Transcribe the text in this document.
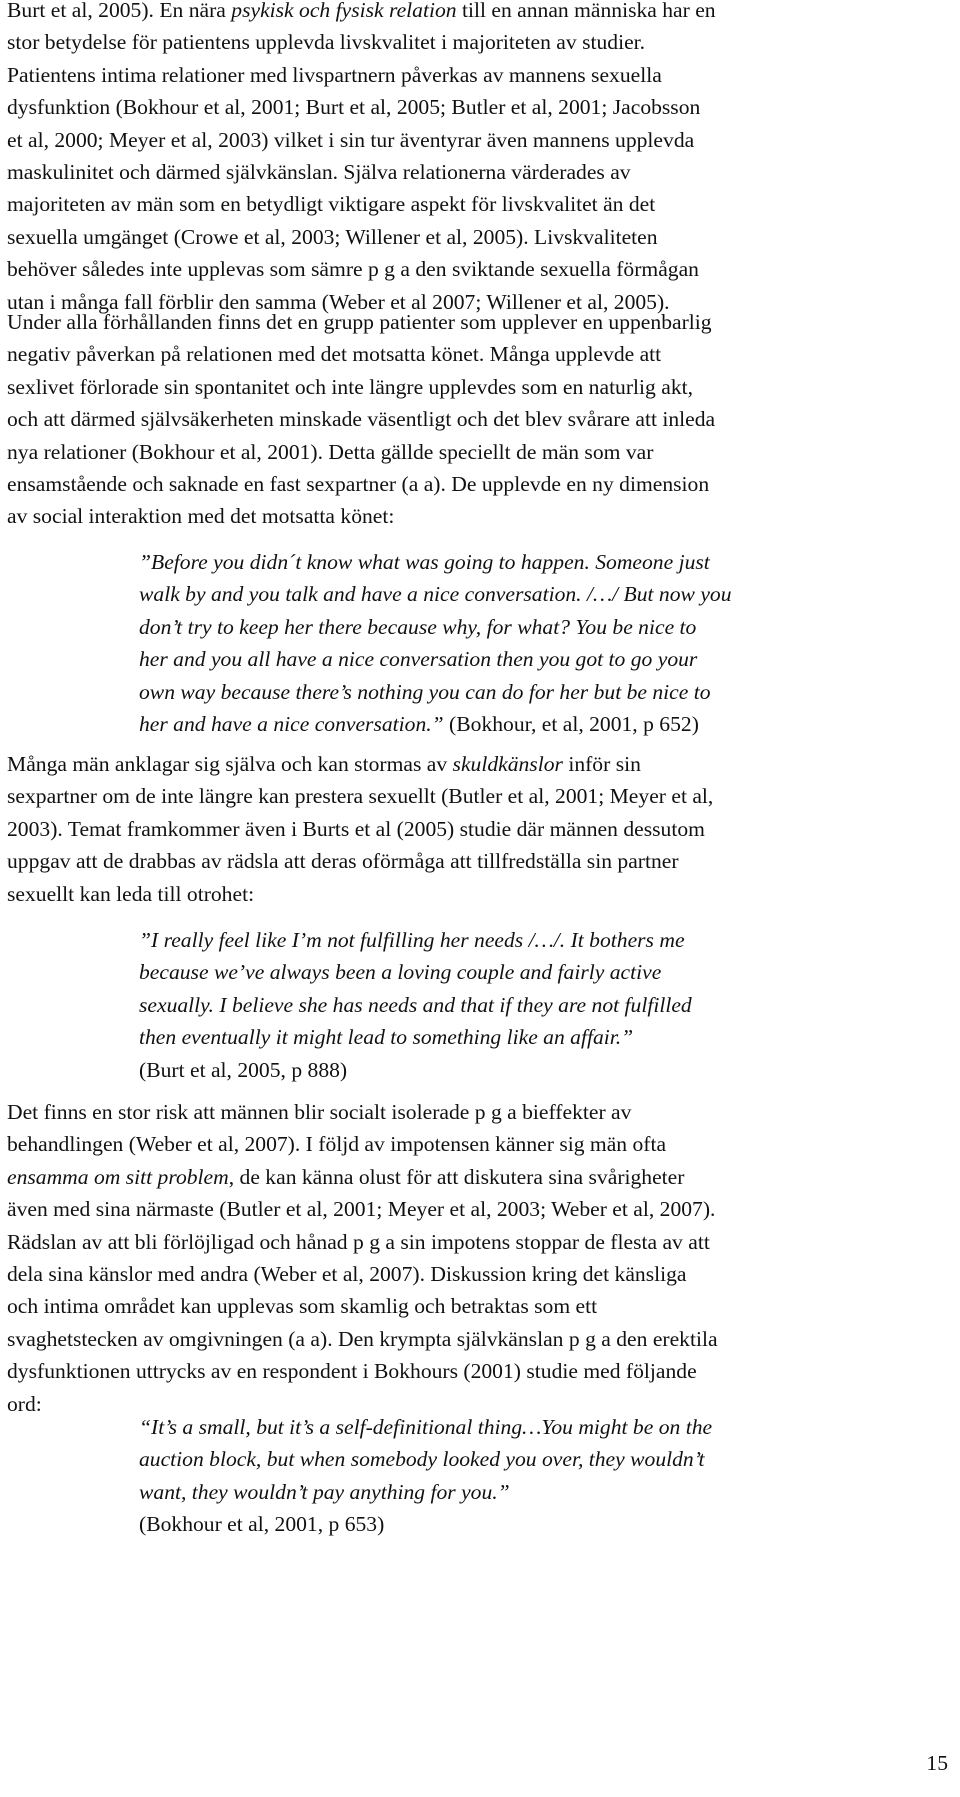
Burt et al, 2005). En nära psykisk och fysisk relation till en annan människa har en
stor betydelse för patientens upplevda livskvalitet i majoriteten av studier.
Patientens intima relationer med livspartnern påverkas av mannens sexuella
dysfunktion (Bokhour et al, 2001; Burt et al, 2005; Butler et al, 2001; Jacobsson
et al, 2000; Meyer et al, 2003) vilket i sin tur äventyrar även mannens upplevda
maskulinitet och därmed självkänslan. Själva relationerna värderades av
majoriteten av män som en betydligt viktigare aspekt för livskvalitet än det
sexuella umgänget (Crowe et al, 2003; Willener et al, 2005). Livskvaliteten
behöver således inte upplevas som sämre p g a den sviktande sexuella förmågan
utan i många fall förblir den samma (Weber et al 2007; Willener et al, 2005).
Under alla förhållanden finns det en grupp patienter som upplever en uppenbarlig
negativ påverkan på relationen med det motsatta könet. Många upplevde att
sexlivet förlorade sin spontanitet och inte längre upplevdes som en naturlig akt,
och att därmed självsäkerheten minskade väsentligt och det blev svårare att inleda
nya relationer (Bokhour et al, 2001). Detta gällde speciellt de män som var
ensamstående och saknade en fast sexpartner (a a). De upplevde en ny dimension
av social interaktion med det motsatta könet:
”Before you didn´t know what was going to happen. Someone just
walk by and you talk and have a nice conversation. /…/ But now you
don’t try to keep her there because why, for what? You be nice to
her and you all have a nice conversation then you got to go your
own way because there’s nothing you can do for her but be nice to
her and have a nice conversation.” (Bokhour, et al, 2001, p 652)
Många män anklagar sig själva och kan stormas av skuldkänslor inför sin
sexpartner om de inte längre kan prestera sexuellt (Butler et al, 2001; Meyer et al,
2003). Temat framkommer även i Burts et al (2005) studie där männen dessutom
uppgav att de drabbas av rädsla att deras oförmåga att tillfredställa sin partner
sexuellt kan leda till otrohet:
”I really feel like I’m not fulfilling her needs /…/. It bothers me
because we’ve always been a loving couple and fairly active
sexually. I believe she has needs and that if they are not fulfilled
then eventually it might lead to something like an affair.”
(Burt et al, 2005, p 888)
Det finns en stor risk att männen blir socialt isolerade p g a bieffekter av
behandlingen (Weber et al, 2007). I följd av impotensen känner sig män ofta
ensamma om sitt problem, de kan känna olust för att diskutera sina svårigheter
även med sina närmaste (Butler et al, 2001; Meyer et al, 2003; Weber et al, 2007).
Rädslan av att bli förlöjligad och hånad p g a sin impotens stoppar de flesta av att
dela sina känslor med andra (Weber et al, 2007). Diskussion kring det känsliga
och intima området kan upplevas som skamlig och betraktas som ett
svaghetstecken av omgivningen (a a). Den krympta självkänslan p g a den erektila
dysfunktionen uttrycks av en respondent i Bokhours (2001) studie med följande
ord:
“It’s a small, but it’s a self-definitional thing…You might be on the
auction block, but when somebody looked you over, they wouldn’t
want, they wouldn’t pay anything for you.”
(Bokhour et al, 2001, p 653)
15
